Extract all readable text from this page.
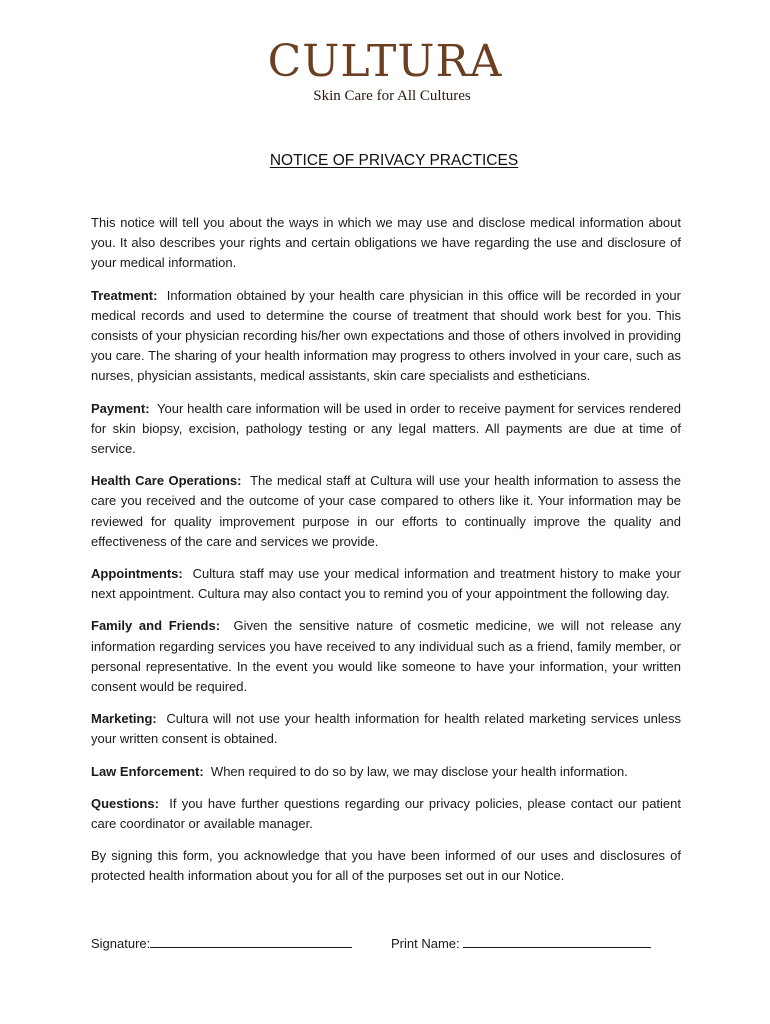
CULTURA
Skin Care for All Cultures
NOTICE OF PRIVACY PRACTICES

This notice will tell you about the ways in which we may use and disclose medical information about you. It also describes your rights and certain obligations we have regarding the use and disclosure of your medical information.

Treatment: Information obtained by your health care physician in this office will be recorded in your medical records and used to determine the course of treatment that should work best for you. This consists of your physician recording his/her own expectations and those of others involved in providing you care. The sharing of your health information may progress to others involved in your care, such as nurses, physician assistants, medical assistants, skin care specialists and estheticians.

Payment: Your health care information will be used in order to receive payment for services rendered for skin biopsy, excision, pathology testing or any legal matters. All payments are due at time of service.

Health Care Operations: The medical staff at Cultura will use your health information to assess the care you received and the outcome of your case compared to others like it. Your information may be reviewed for quality improvement purpose in our efforts to continually improve the quality and effectiveness of the care and services we provide.

Appointments: Cultura staff may use your medical information and treatment history to make your next appointment. Cultura may also contact you to remind you of your appointment the following day.

Family and Friends: Given the sensitive nature of cosmetic medicine, we will not release any information regarding services you have received to any individual such as a friend, family member, or personal representative. In the event you would like someone to have your information, your written consent would be required.

Marketing: Cultura will not use your health information for health related marketing services unless your written consent is obtained.

Law Enforcement: When required to do so by law, we may disclose your health information.

Questions: If you have further questions regarding our privacy policies, please contact our patient care coordinator or available manager.

By signing this form, you acknowledge that you have been informed of our uses and disclosures of protected health information about you for all of the purposes set out in our Notice.

Signature:	Print Name:
